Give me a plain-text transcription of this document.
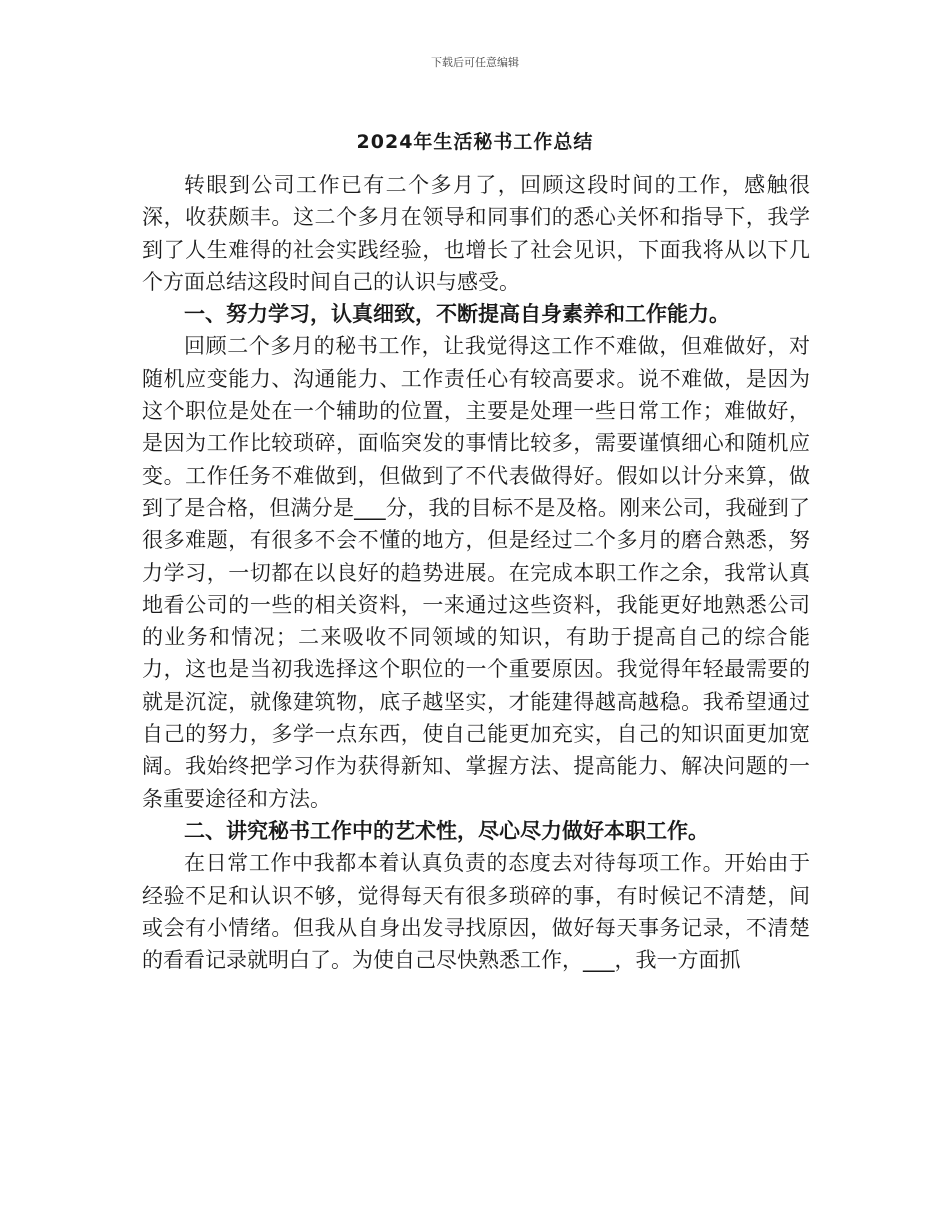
下载后可任意编辑
2024年生活秘书工作总结

转眼到公司工作已有二个多月了，回顾这段时间的工作，感触很深，收获颇丰。这二个多月在领导和同事们的悉心关怀和指导下，我学到了人生难得的社会实践经验，也增长了社会见识，下面我将从以下几个方面总结这段时间自己的认识与感受。

一、努力学习，认真细致，不断提高自身素养和工作能力。

回顾二个多月的秘书工作，让我觉得这工作不难做，但难做好，对随机应变能力、沟通能力、工作责任心有较高要求。说不难做，是因为这个职位是处在一个辅助的位置，主要是处理一些日常工作；难做好，是因为工作比较琐碎，面临突发的事情比较多，需要谨慎细心和随机应变。工作任务不难做到，但做到了不代表做得好。假如以计分来算，做到了是合格，但满分是___分，我的目标不是及格。刚来公司，我碰到了很多难题，有很多不会不懂的地方，但是经过二个多月的磨合熟悉，努力学习，一切都在以良好的趋势进展。在完成本职工作之余，我常认真地看公司的一些的相关资料，一来通过这些资料，我能更好地熟悉公司的业务和情况；二来吸收不同领域的知识，有助于提高自己的综合能力，这也是当初我选择这个职位的一个重要原因。我觉得年轻最需要的就是沉淀，就像建筑物，底子越坚实，才能建得越高越稳。我希望通过自己的努力，多学一点东西，使自己能更加充实，自己的知识面更加宽阔。我始终把学习作为获得新知、掌握方法、提高能力、解决问题的一条重要途径和方法。

二、讲究秘书工作中的艺术性，尽心尽力做好本职工作。

在日常工作中我都本着认真负责的态度去对待每项工作。开始由于经验不足和认识不够，觉得每天有很多琐碎的事，有时候记不清楚，间或会有小情绪。但我从自身出发寻找原因，做好每天事务记录，不清楚的看看记录就明白了。为使自己尽快熟悉工作，___，我一方面抓
